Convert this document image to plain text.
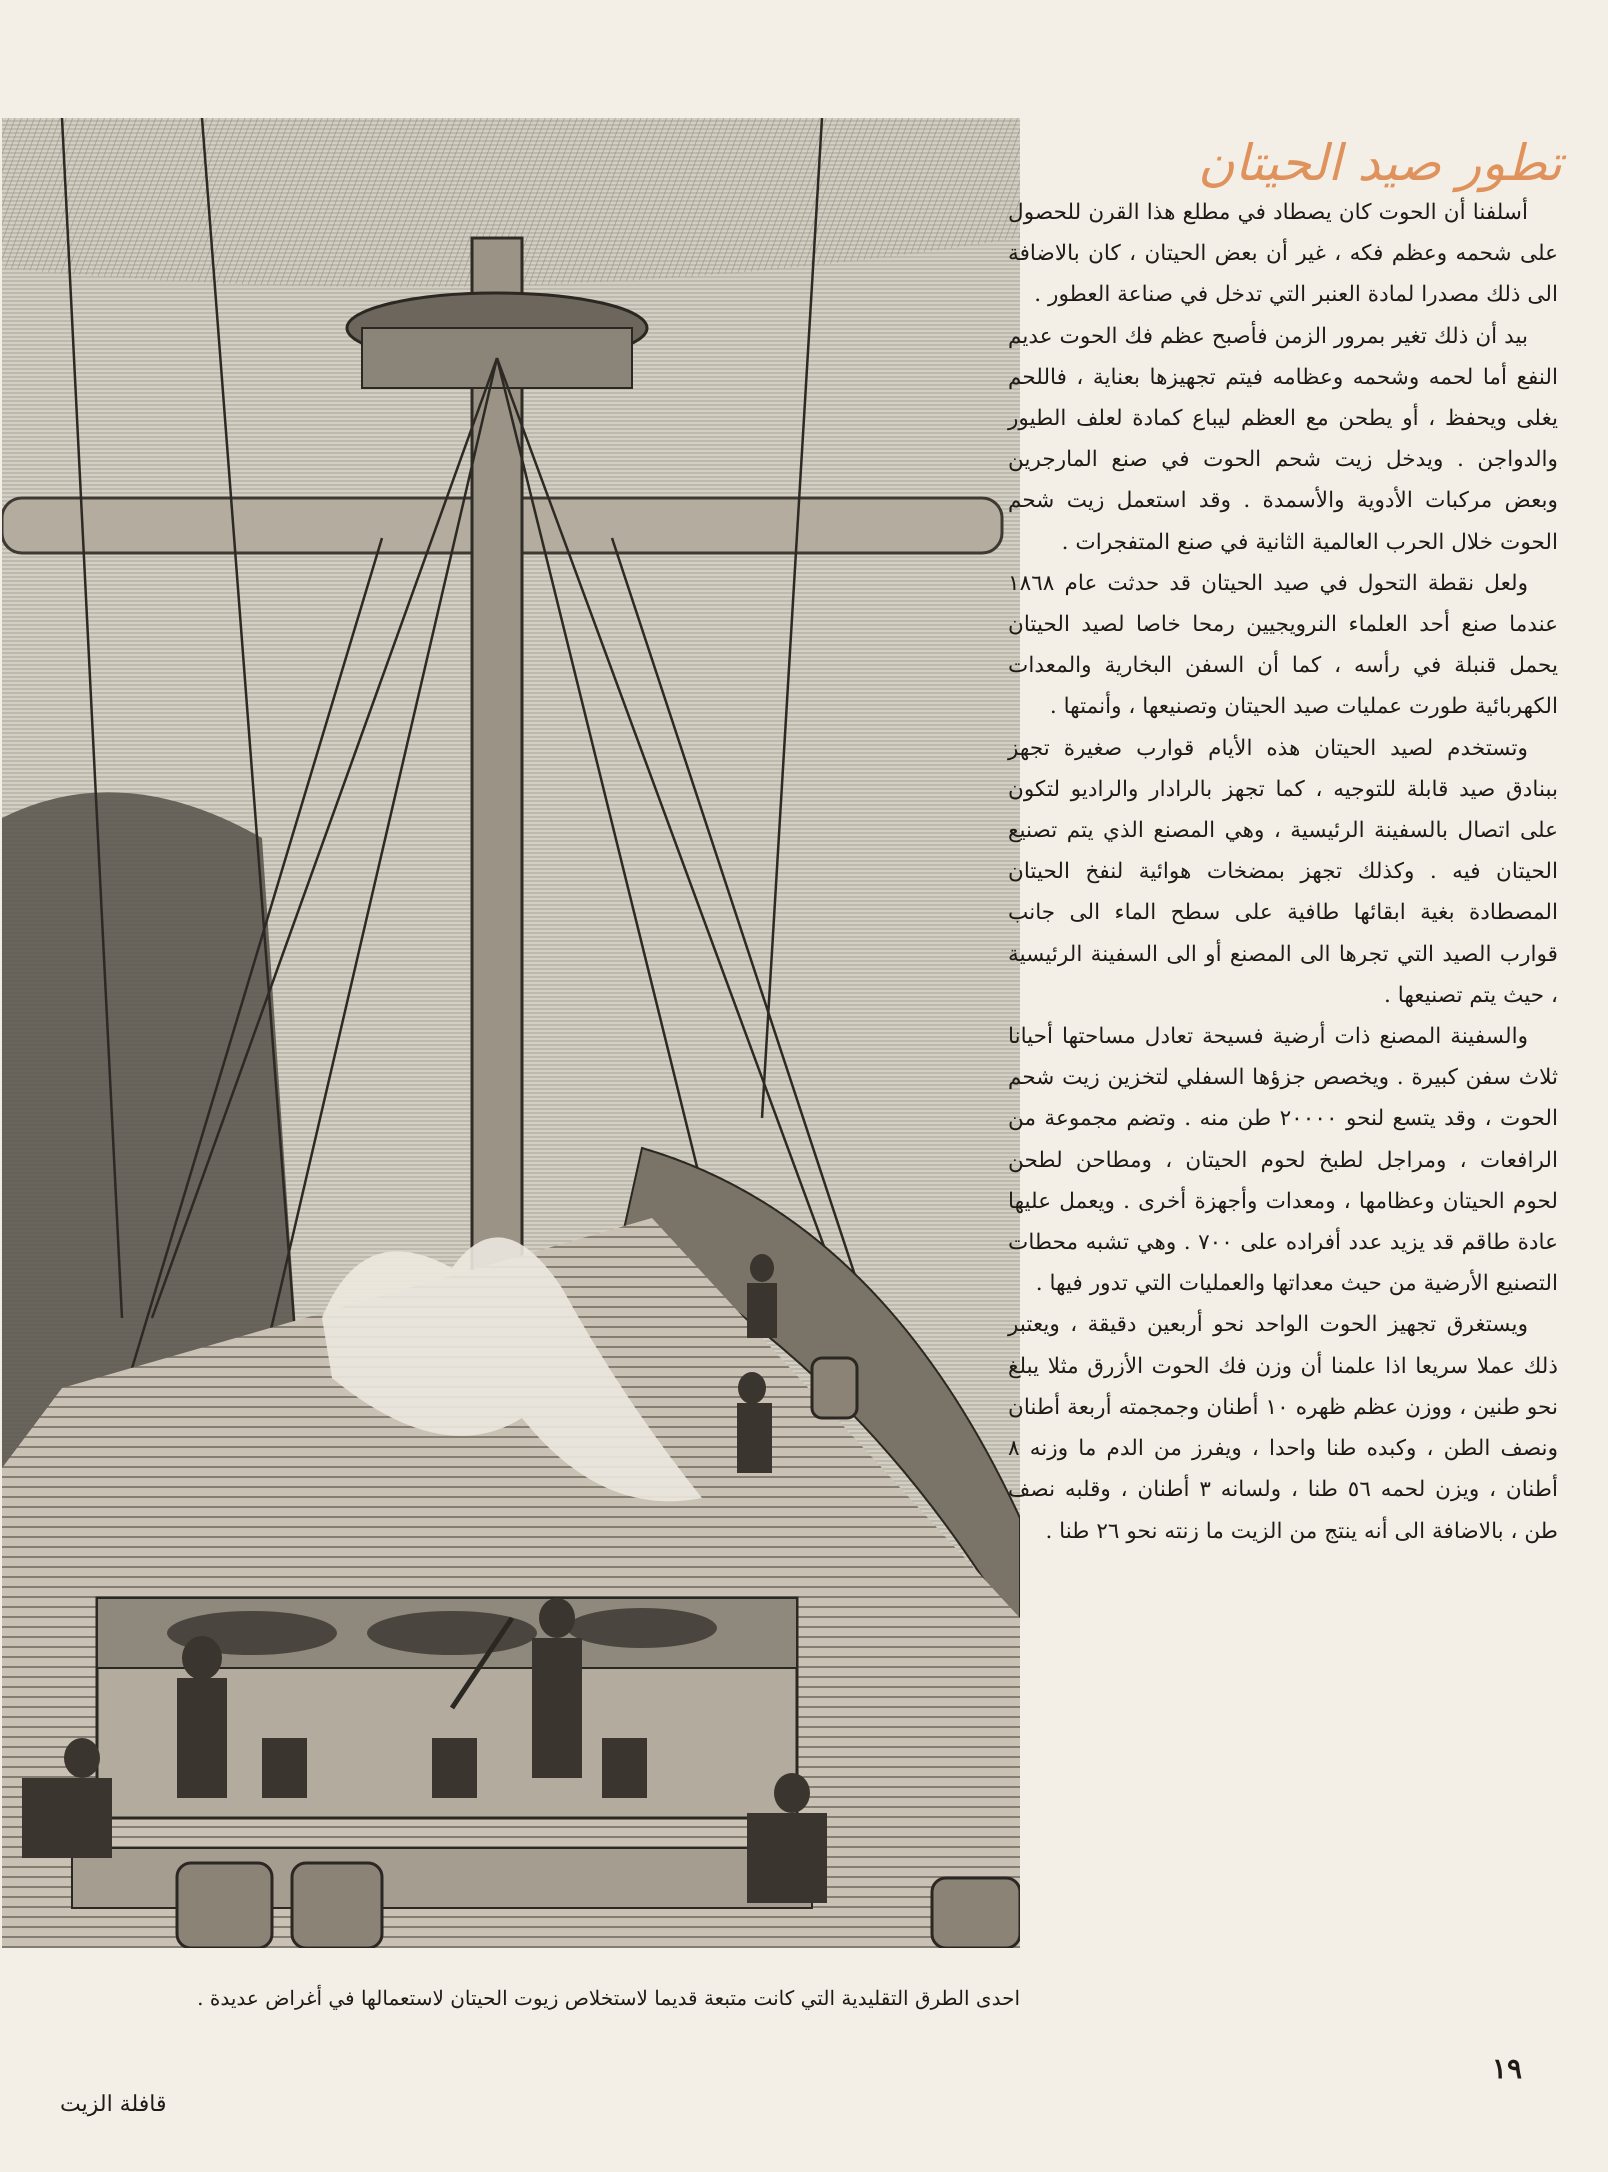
تطور صيد الحيتان

أسلفنا أن الحوت كان يصطاد في مطلع هذا القرن للحصول على شحمه وعظم فكه ، غير أن بعض الحيتان ، كان بالاضافة الى ذلك مصدرا لمادة العنبر التي تدخل في صناعة العطور .

بيد أن ذلك تغير بمرور الزمن فأصبح عظم فك الحوت عديم النفع أما لحمه وشحمه وعظامه فيتم تجهيزها بعناية ، فاللحم يغلى ويحفظ ، أو يطحن مع العظم ليباع كمادة لعلف الطيور والدواجن . ويدخل زيت شحم الحوت في صنع المارجرين وبعض مركبات الأدوية والأسمدة . وقد استعمل زيت شحم الحوت خلال الحرب العالمية الثانية في صنع المتفجرات .

ولعل نقطة التحول في صيد الحيتان قد حدثت عام ١٨٦٨ عندما صنع أحد العلماء النرويجيين رمحا خاصا لصيد الحيتان يحمل قنبلة في رأسه ، كما أن السفن البخارية والمعدات الكهربائية طورت عمليات صيد الحيتان وتصنيعها ، وأنمتها .

وتستخدم لصيد الحيتان هذه الأيام قوارب صغيرة تجهز ببنادق صيد قابلة للتوجيه ، كما تجهز بالرادار والراديو لتكون على اتصال بالسفينة الرئيسية ، وهي المصنع الذي يتم تصنيع الحيتان فيه . وكذلك تجهز بمضخات هوائية لنفخ الحيتان المصطادة بغية ابقائها طافية على سطح الماء الى جانب قوارب الصيد التي تجرها الى المصنع أو الى السفينة الرئيسية ، حيث يتم تصنيعها .

والسفينة المصنع ذات أرضية فسيحة تعادل مساحتها أحيانا ثلاث سفن كبيرة . ويخصص جزؤها السفلي لتخزين زيت شحم الحوت ، وقد يتسع لنحو ٢٠٠٠٠ طن منه . وتضم مجموعة من الرافعات ، ومراجل لطبخ لحوم الحيتان ، ومطاحن لطحن لحوم الحيتان وعظامها ، ومعدات وأجهزة أخرى . ويعمل عليها عادة طاقم قد يزيد عدد أفراده على ٧٠٠ . وهي تشبه محطات التصنيع الأرضية من حيث معداتها والعمليات التي تدور فيها .

ويستغرق تجهيز الحوت الواحد نحو أربعين دقيقة ، ويعتبر ذلك عملا سريعا اذا علمنا أن وزن فك الحوت الأزرق مثلا يبلغ نحو طنين ، ووزن عظم ظهره ١٠ أطنان وجمجمته أربعة أطنان ونصف الطن ، وكبده طنا واحدا ، ويفرز من الدم ما وزنه ٨ أطنان ، ويزن لحمه ٥٦ طنا ، ولسانه ٣ أطنان ، وقلبه نصف طن ، بالاضافة الى أنه ينتج من الزيت ما زنته نحو ٢٦ طنا .

احدى الطرق التقليدية التي كانت متبعة قديما لاستخلاص زيوت الحيتان لاستعمالها في أغراض عديدة .
١٩
قافلة الزيت
